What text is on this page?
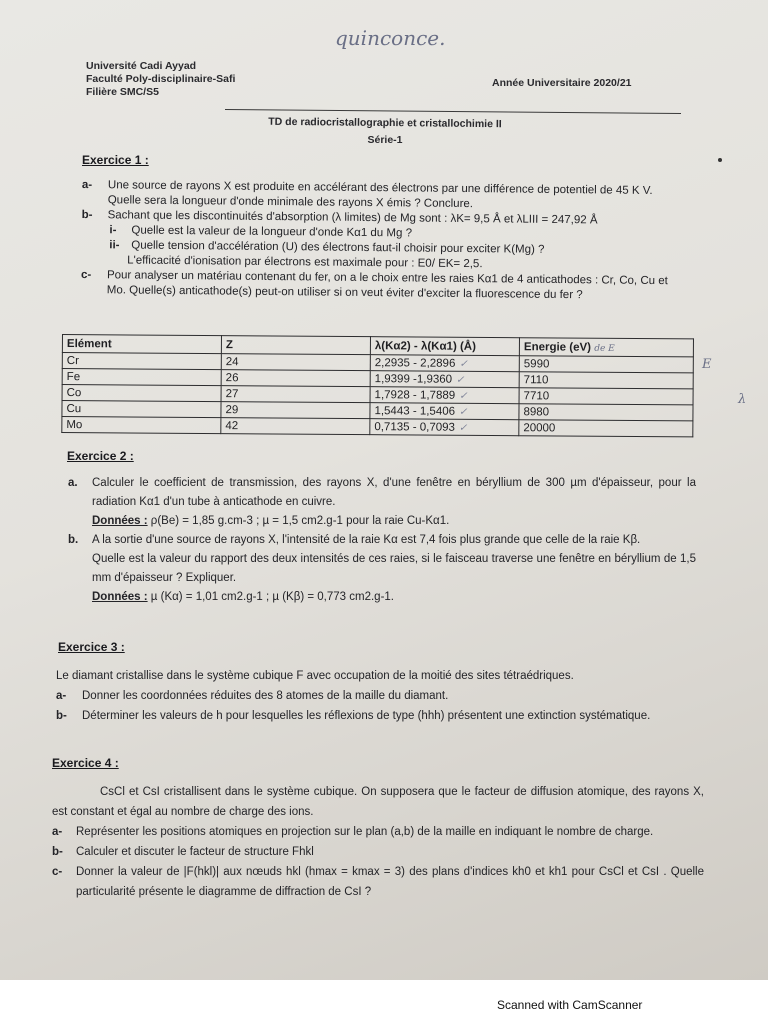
quinconce.
Université Cadi Ayyad
Faculté Poly-disciplinaire-Safi
Filière SMC/S5
Année Universitaire 2020/21
TD de radiocristallographie et cristallochimie II
Série-1
Exercice 1 :
a-	Une source de rayons X est produite en accélérant des électrons par une différence de potentiel de 45 K V. Quelle sera la longueur d'onde minimale des rayons X émis ? Conclure.
b-	Sachant que les discontinuités d'absorption (λ limites) de Mg sont : λK= 9,5 Å et λLIII = 247,92 Å
i-	Quelle est la valeur de la longueur d'onde Kα1 du Mg ?
ii-	Quelle tension d'accélération (U) des électrons faut-il choisir pour exciter K(Mg) ?
L'efficacité d'ionisation par électrons est maximale pour : E0/ EK= 2,5.
c-	Pour analyser un matériau contenant du fer, on a le choix entre les raies Kα1 de 4 anticathodes : Cr, Co, Cu et Mo. Quelle(s) anticathode(s) peut-on utiliser si on veut éviter d'exciter la fluorescence du fer ?
Elément	Z	λ(Kα2) - λ(Kα1) (Å)	Energie (eV) de E
Cr	24	2,2935 - 2,2896 ✓	5990
Fe	26	1,9399 -1,9360 ✓	7110
Co	27	1,7928 - 1,7889 ✓	7710
Cu	29	1,5443 - 1,5406 ✓	8980
Mo	42	0,7135 - 0,7093 ✓	20000
E
λ
Exercice 2 :
a.	Calculer le coefficient de transmission, des rayons X, d'une fenêtre en béryllium de 300 µm d'épaisseur, pour la radiation Kα1 d'un tube à anticathode en cuivre.
Données : ρ(Be) = 1,85 g.cm-3 ; µ = 1,5 cm2.g-1 pour la raie Cu-Kα1.
b.	A la sortie d'une source de rayons X, l'intensité de la raie Kα est 7,4 fois plus grande que celle de la raie Kβ.
Quelle est la valeur du rapport des deux intensités de ces raies, si le faisceau traverse une fenêtre en béryllium de 1,5 mm d'épaisseur ? Expliquer.
Données : µ (Kα) = 1,01 cm2.g-1 ; µ (Kβ) = 0,773 cm2.g-1.
Exercice 3 :
Le diamant cristallise dans le système cubique F avec occupation de la moitié des sites tétraédriques.
a-	Donner les coordonnées réduites des 8 atomes de la maille du diamant.
b-	Déterminer les valeurs de h pour lesquelles les réflexions de type (hhh) présentent une extinction systématique.
Exercice 4 :
CsCl et CsI cristallisent dans le système cubique. On supposera que le facteur de diffusion atomique, des rayons X, est constant et égal au nombre de charge des ions.
a-	Représenter les positions atomiques en projection sur le plan (a,b) de la maille en indiquant le nombre de charge.
b-	Calculer et discuter le facteur de structure Fhkl
c-	Donner la valeur de |F(hkl)| aux nœuds hkl (hmax = kmax = 3) des plans d'indices kh0 et kh1 pour CsCl et CsI . Quelle particularité présente le diagramme de diffraction de CsI ?
Scanned with CamScanner
